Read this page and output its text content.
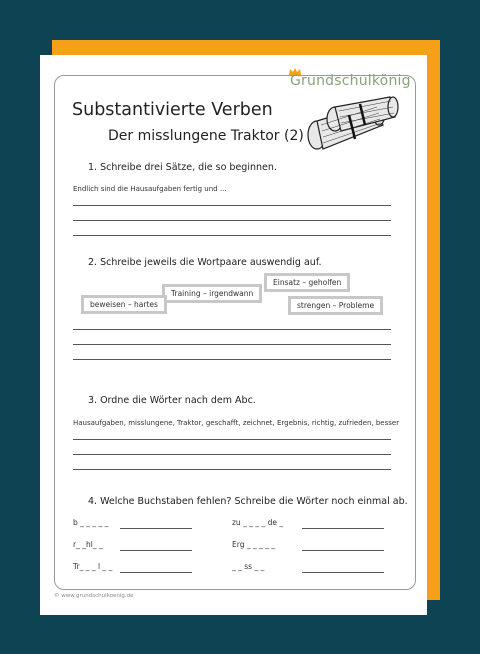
Grundschulkönig
Substantivierte Verben
Der misslungene Traktor (2)
1. Schreibe drei Sätze, die so beginnen.
Endlich sind die Hausaufgaben fertig und ...
2. Schreibe jeweils die Wortpaare auswendig auf.
Einsatz – geholfen
Training – irgendwann
beweisen – hartes	strengen – Probleme
3. Ordne die Wörter nach dem Abc.
Hausaufgaben, misslungene, Traktor, geschafft, zeichnet, Ergebnis, richtig, zufrieden, besser
4. Welche Buchstaben fehlen? Schreibe die Wörter noch einmal ab.
b _ _ _ _ _	zu _ _ _ _ de _
r_ _hl_ _	Erg _ _ _ _ _
Tr_ _ _ l _ _	_ _ ss _ _
© www.grundschulkoenig.de
